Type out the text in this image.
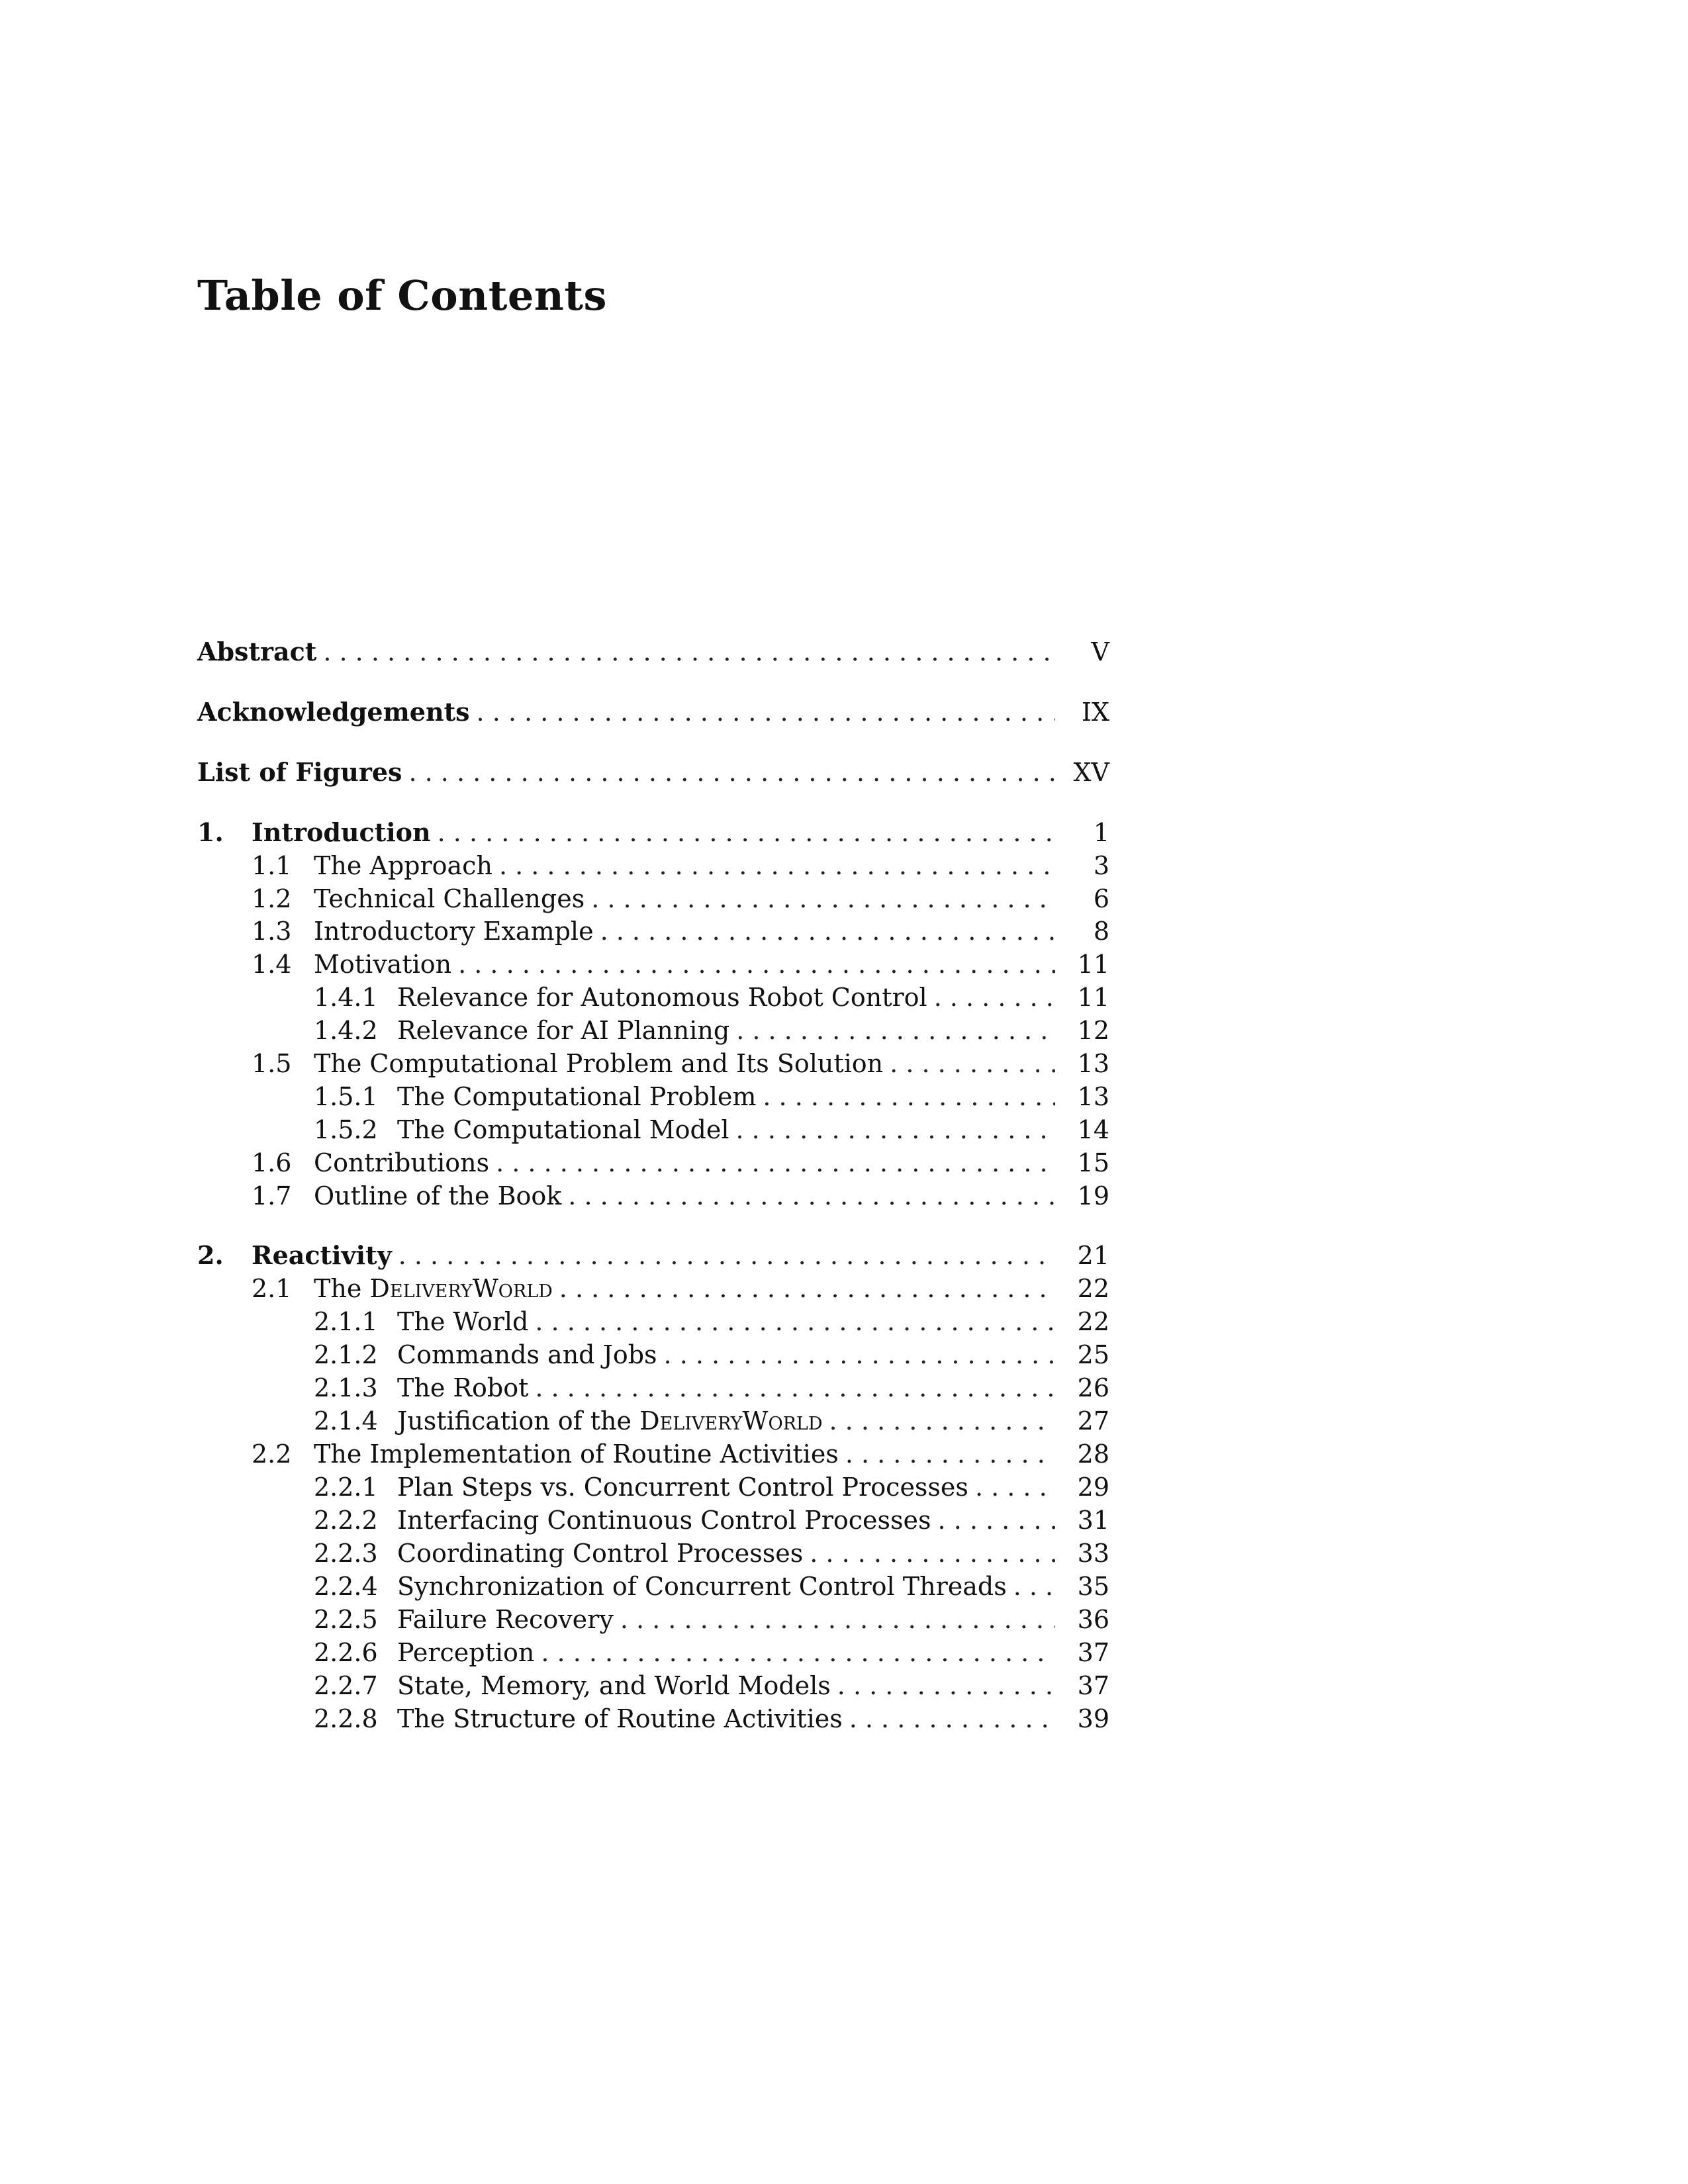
Table of Contents
Abstract . . .	V
Acknowledgements . . .	IX
List of Figures . . .	XV
1.	Introduction . . .	1
1.1 The Approach . . .	3
1.2 Technical Challenges . . .	6
1.3 Introductory Example . . .	8
1.4 Motivation . . .	11
1.4.1 Relevance for Autonomous Robot Control . . .	11
1.4.2 Relevance for AI Planning . . .	12
1.5 The Computational Problem and Its Solution . . .	13
1.5.1 The Computational Problem . . .	13
1.5.2 The Computational Model . . .	14
1.6 Contributions . . .	15
1.7 Outline of the Book . . .	19
2.	Reactivity . . .	21
2.1 The DeliveryWorld . . .	22
2.1.1 The World . . .	22
2.1.2 Commands and Jobs . . .	25
2.1.3 The Robot . . .	26
2.1.4 Justification of the DeliveryWorld . . .	27
2.2 The Implementation of Routine Activities . . .	28
2.2.1 Plan Steps vs. Concurrent Control Processes . . .	29
2.2.2 Interfacing Continuous Control Processes . . .	31
2.2.3 Coordinating Control Processes . . .	33
2.2.4 Synchronization of Concurrent Control Threads . . .	35
2.2.5 Failure Recovery . . .	36
2.2.6 Perception . . .	37
2.2.7 State, Memory, and World Models . . .	37
2.2.8 The Structure of Routine Activities . . .	39
